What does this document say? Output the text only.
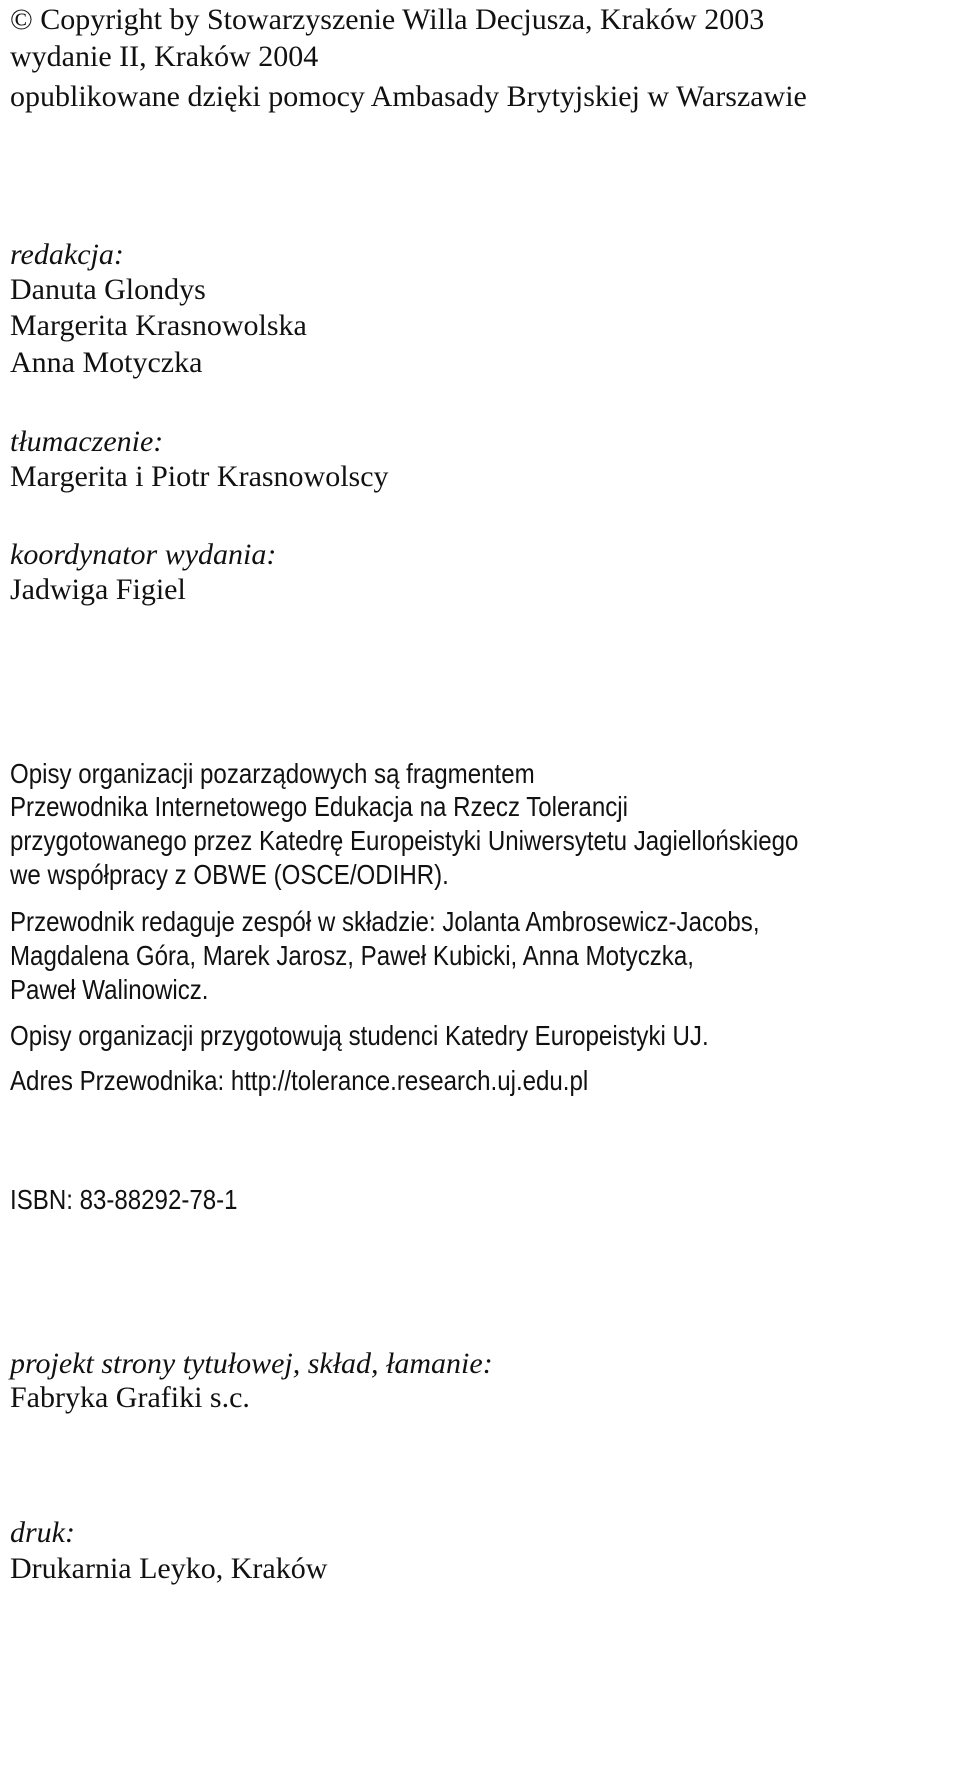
© Copyright by Stowarzyszenie Willa Decjusza, Kraków 2003

wydanie II, Kraków 2004

opublikowane dzięki pomocy Ambasady Brytyjskiej w Warszawie

redakcja:

Danuta Glondys

Margerita Krasnowolska

Anna Motyczka

tłumaczenie:

Margerita i Piotr Krasnowolscy

koordynator wydania:

Jadwiga Figiel

Opisy organizacji pozarządowych są fragmentem

Przewodnika Internetowego Edukacja na Rzecz Tolerancji

przygotowanego przez Katedrę Europeistyki Uniwersytetu Jagiellońskiego

we współpracy z OBWE (OSCE/ODIHR).

Przewodnik redaguje zespół w składzie: Jolanta Ambrosewicz-Jacobs,

Magdalena Góra, Marek Jarosz, Paweł Kubicki, Anna Motyczka,

Paweł Walinowicz.

Opisy organizacji przygotowują studenci Katedry Europeistyki UJ.

Adres Przewodnika: http://tolerance.research.uj.edu.pl

ISBN: 83-88292-78-1

projekt strony tytułowej, skład, łamanie:

Fabryka Grafiki s.c.

druk:

Drukarnia Leyko, Kraków
